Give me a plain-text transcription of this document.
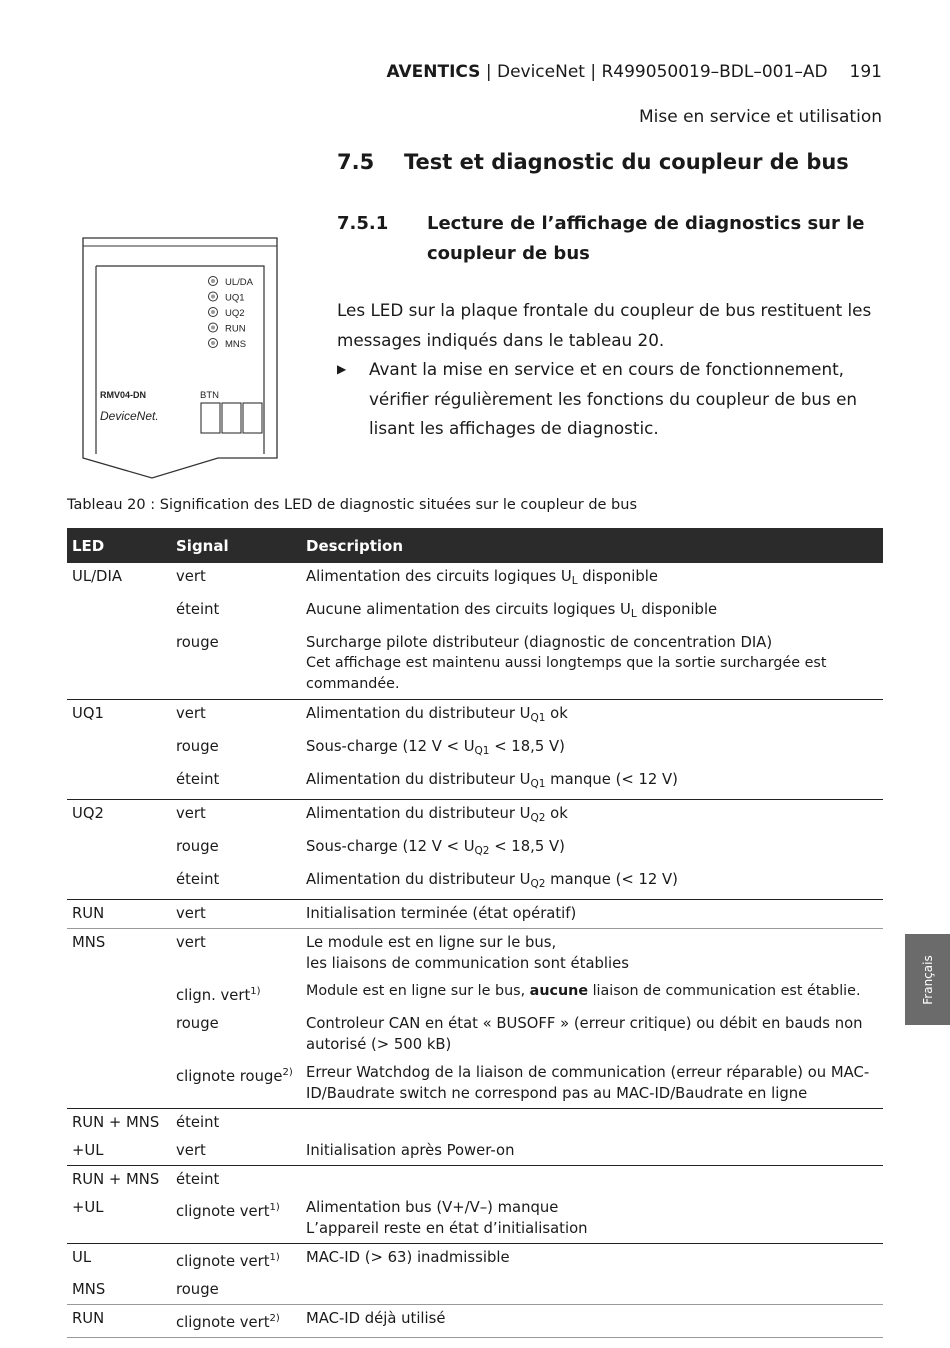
AVENTICS | DeviceNet | R499050019–BDL–001–AD 191
Mise en service et utilisation
7.5 Test et diagnostic du coupleur de bus
7.5.1 Lecture de l’affichage de diagnostics sur le coupleur de bus
Les LED sur la plaque frontale du coupleur de bus restituent les messages indiqués dans le tableau 20.
▶ Avant la mise en service et en cours de fonctionnement, vérifier régulièrement les fonctions du coupleur de bus en lisant les affichages de diagnostic.
UL/DA
UQ1
UQ2
RUN
MNS
RMV04-DN	BTN
DeviceNet.
Tableau 20 : Signification des LED de diagnostic situées sur le coupleur de bus
LED	Signal	Description
UL/DIA	vert	Alimentation des circuits logiques $U_L$ disponible
	éteint	Aucune alimentation des circuits logiques $U_L$ disponible
	rouge	Surcharge pilote distributeur (diagnostic de concentration DIA)
Cet affichage est maintenu aussi longtemps que la sortie surchargée est commandée.

UQ1	vert	Alimentation du distributeur $U_{Q1}$ ok
	rouge	Sous-charge (12 $V < U_{Q1} < 18,5$ V)
	éteint	Alimentation du distributeur $U_{Q1}$ manque (< 12 V)
UQ2	vert	Alimentation du distributeur $U_{Q2}$ ok
	rouge	Sous-charge (12 $V < U_{Q2} < 18,5$ V)
	éteint	Alimentation du distributeur $U_{Q2}$ manque (< 12 V)
RUN	vert	Initialisation terminée (état opératif)
MNS	vert	Le module est en ligne sur le bus,
les liaisons de communication sont établies

	clign. vert$^{1)}$	Module est en ligne sur le bus, aucune liaison de communication est établie.
	rouge	Controleur CAN en état « BUSOFF » (erreur critique) ou débit en bauds non autorisé (> 500 kB)
	clignote rouge$^{2)}$	Erreur Watchdog de la liaison de communication (erreur réparable) ou MAC-ID/Baudrate switch ne correspond pas au MAC-ID/Baudrate en ligne
RUN + MNS	éteint	
+UL	vert	Initialisation après Power-on
RUN + MNS	éteint	
+UL	clignote vert$^{1)}$	Alimentation bus (V+/V–) manque
L’appareil reste en état d’initialisation

UL	clignote vert$^{1)}$	MAC-ID (> 63) inadmissible
MNS	rouge	
RUN	clignote vert$^{2)}$	MAC-ID déjà utilisé
Français
